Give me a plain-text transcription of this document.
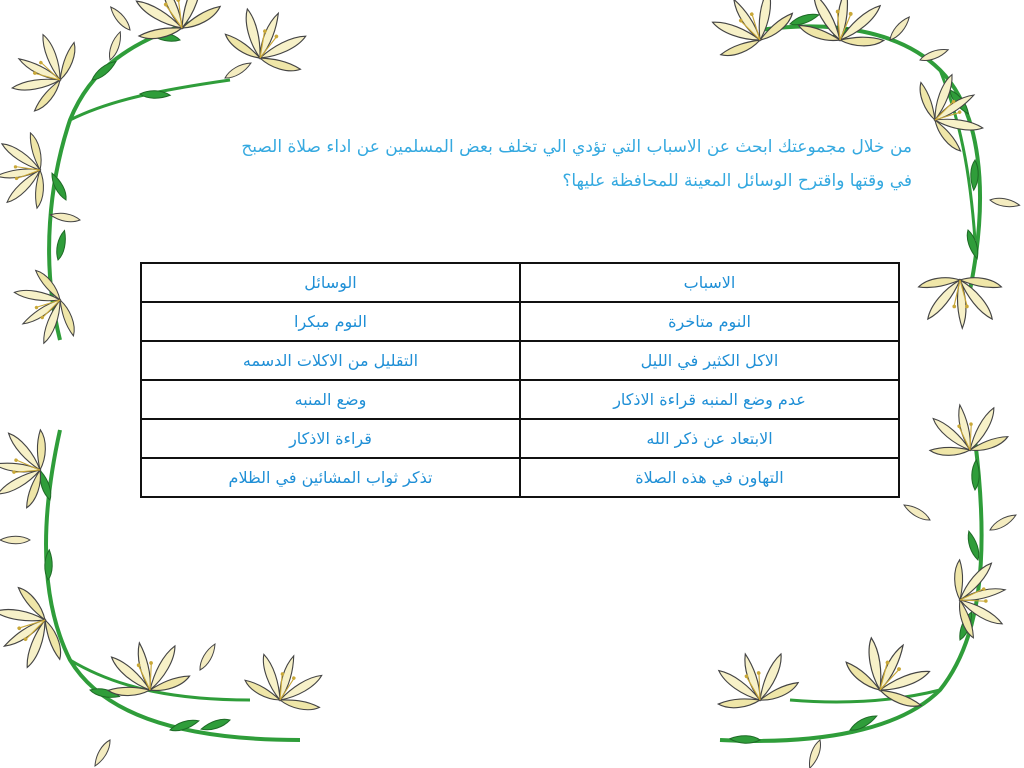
من خلال مجموعتك ابحث عن الاسباب التي تؤدي الي تخلف بعض المسلمين عن اداء صلاة الصبح

في وقتها واقترح الوسائل المعينة للمحافظة عليها؟

الاسباب	الوسائل
النوم متاخرة	النوم مبكرا
الاكل الكثير في الليل	التقليل من الاكلات الدسمه
عدم وضع المنبه قراءة الاذكار	وضع المنبه
الابتعاد عن ذكر الله	قراءة الاذكار
التهاون في هذه الصلاة	تذكر ثواب المشائين في الظلام
